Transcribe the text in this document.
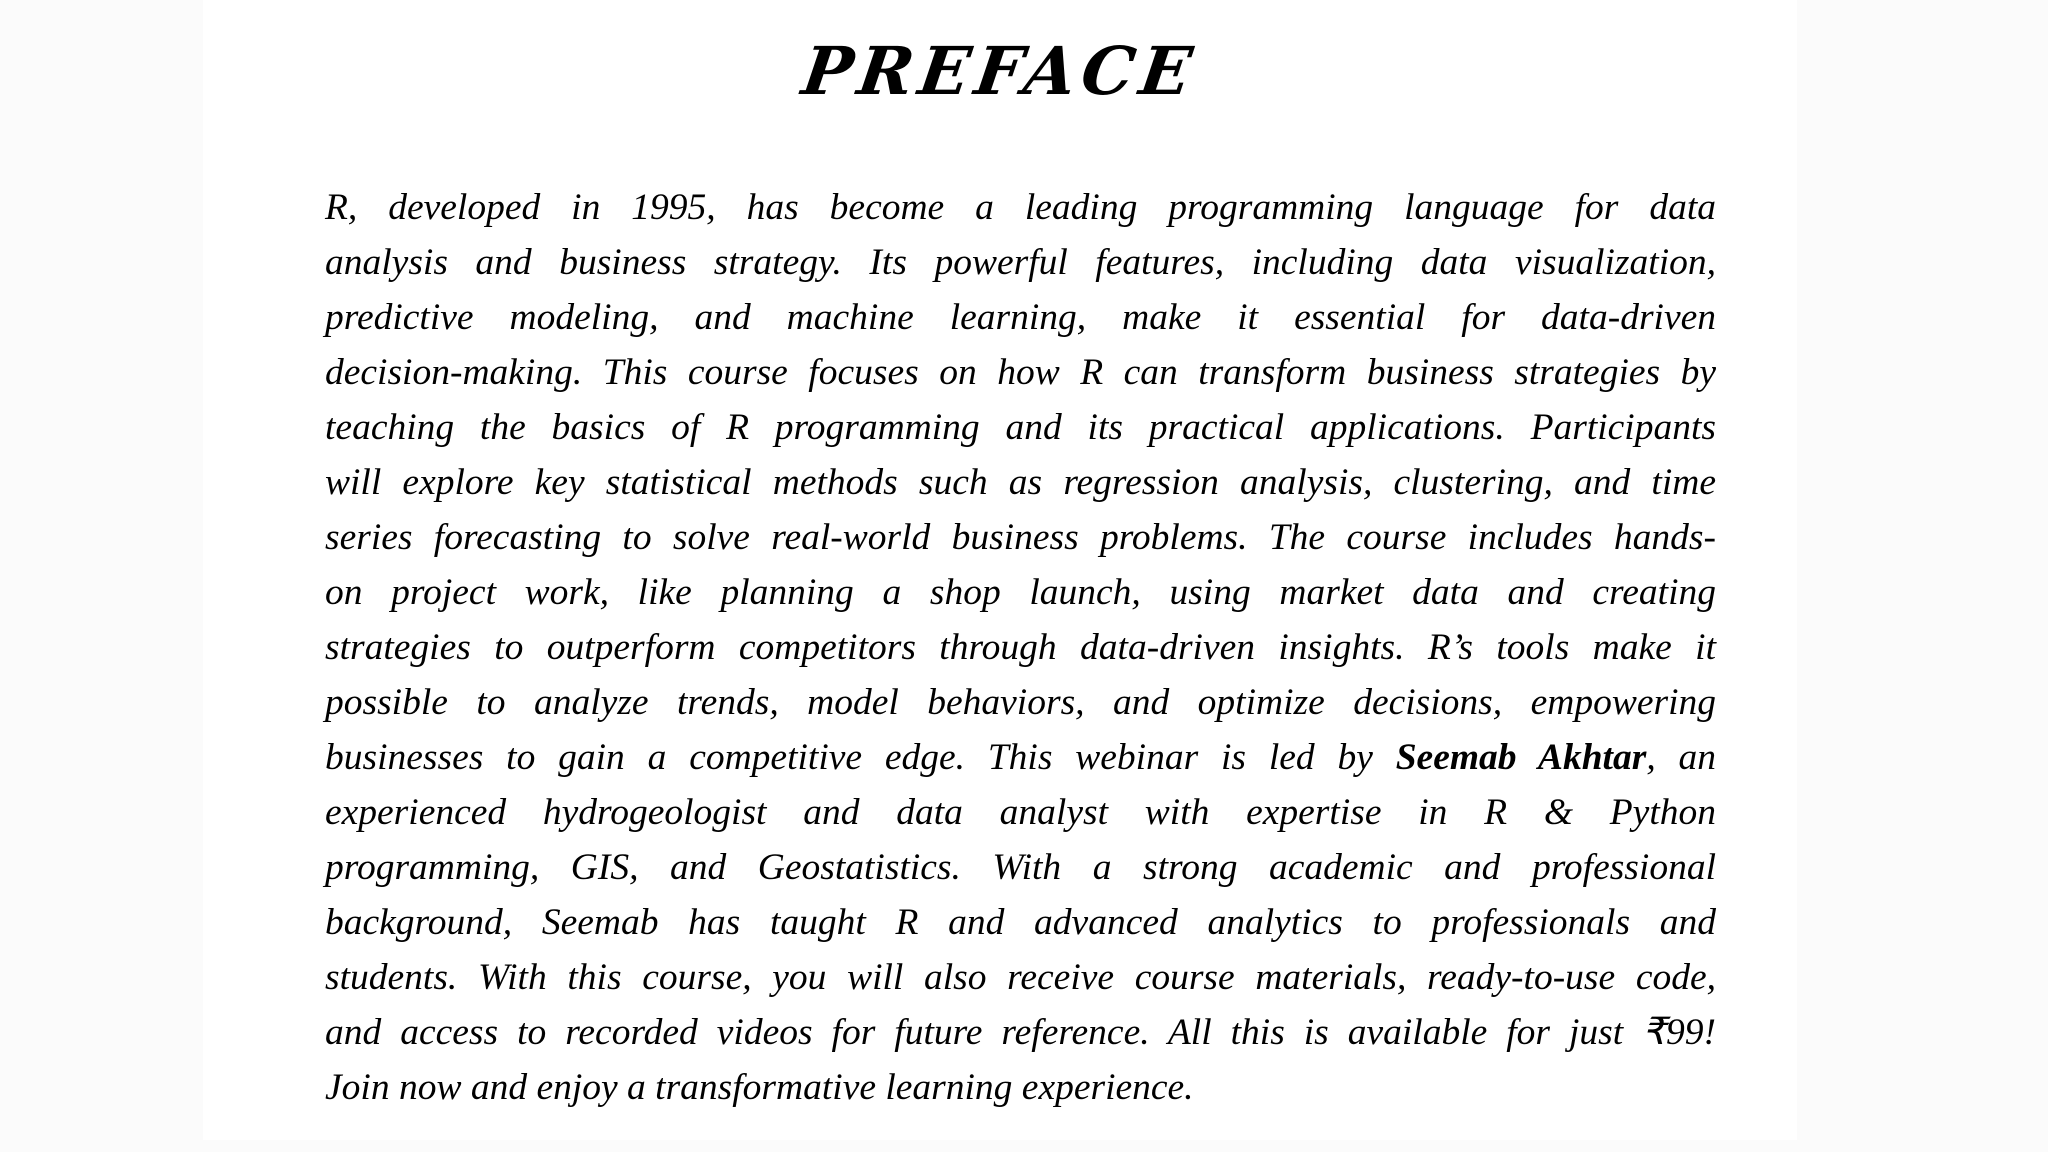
PREFACE
R, developed in 1995, has become a leading programming language for data
analysis and business strategy. Its powerful features, including data visualization,
predictive modeling, and machine learning, make it essential for data-driven
decision-making. This course focuses on how R can transform business strategies by
teaching the basics of R programming and its practical applications. Participants
will explore key statistical methods such as regression analysis, clustering, and time
series forecasting to solve real-world business problems. The course includes hands-
on project work, like planning a shop launch, using market data and creating
strategies to outperform competitors through data-driven insights. R’s tools make it
possible to analyze trends, model behaviors, and optimize decisions, empowering
businesses to gain a competitive edge. This webinar is led by Seemab Akhtar, an
experienced hydrogeologist and data analyst with expertise in R & Python
programming, GIS, and Geostatistics. With a strong academic and professional
background, Seemab has taught R and advanced analytics to professionals and
students. With this course, you will also receive course materials, ready-to-use code,
and access to recorded videos for future reference. All this is available for just ₹99!
Join now and enjoy a transformative learning experience.
